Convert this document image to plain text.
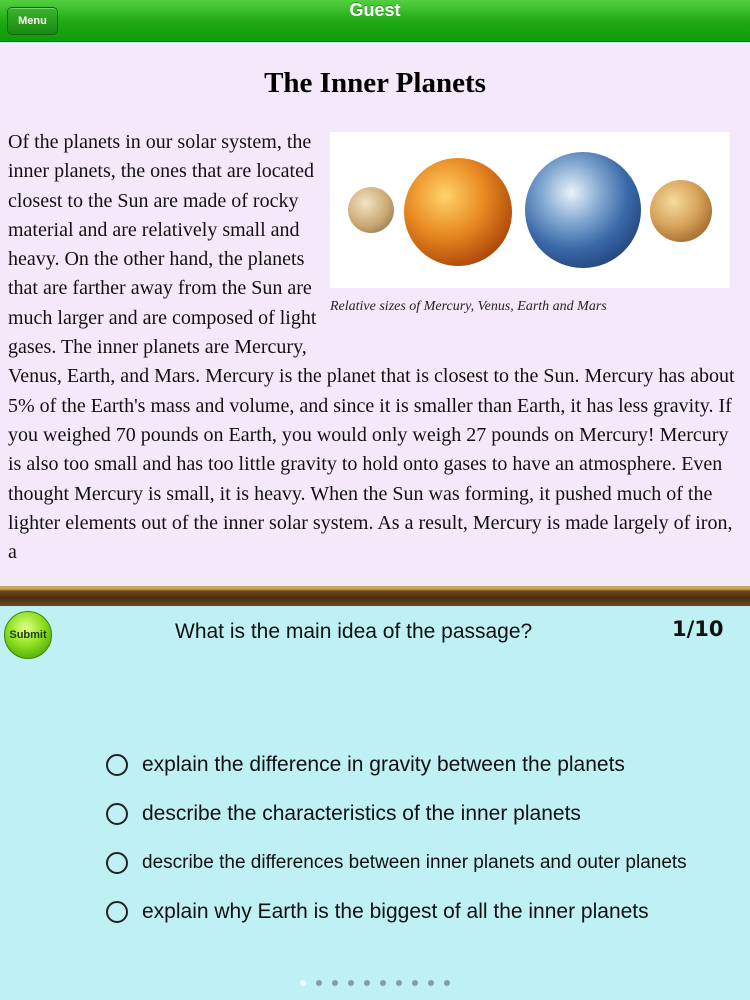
Menu
Guest
The Inner Planets
Relative sizes of Mercury, Venus, Earth and Mars
Of the planets in our solar system, the inner planets, the ones that are located closest to the Sun are made of rocky material and are relatively small and heavy. On the other hand, the planets that are farther away from the Sun are much larger and are composed of light gases. The inner planets are Mercury, Venus, Earth, and Mars. Mercury is the planet that is closest to the Sun. Mercury has about 5% of the Earth's mass and volume, and since it is smaller than Earth, it has less gravity. If you weighed 70 pounds on Earth, you would only weigh 27 pounds on Mercury! Mercury is also too small and has too little gravity to hold onto gases to have an atmosphere. Even thought Mercury is small, it is heavy. When the Sun was forming, it pushed much of the lighter elements out of the inner solar system. As a result, Mercury is made largely of iron, a
Submit	What is the main idea of the passage?	1/10
explain the difference in gravity between the planets
describe the characteristics of the inner planets
describe the differences between inner planets and outer planets
explain why Earth is the biggest of all the inner planets
